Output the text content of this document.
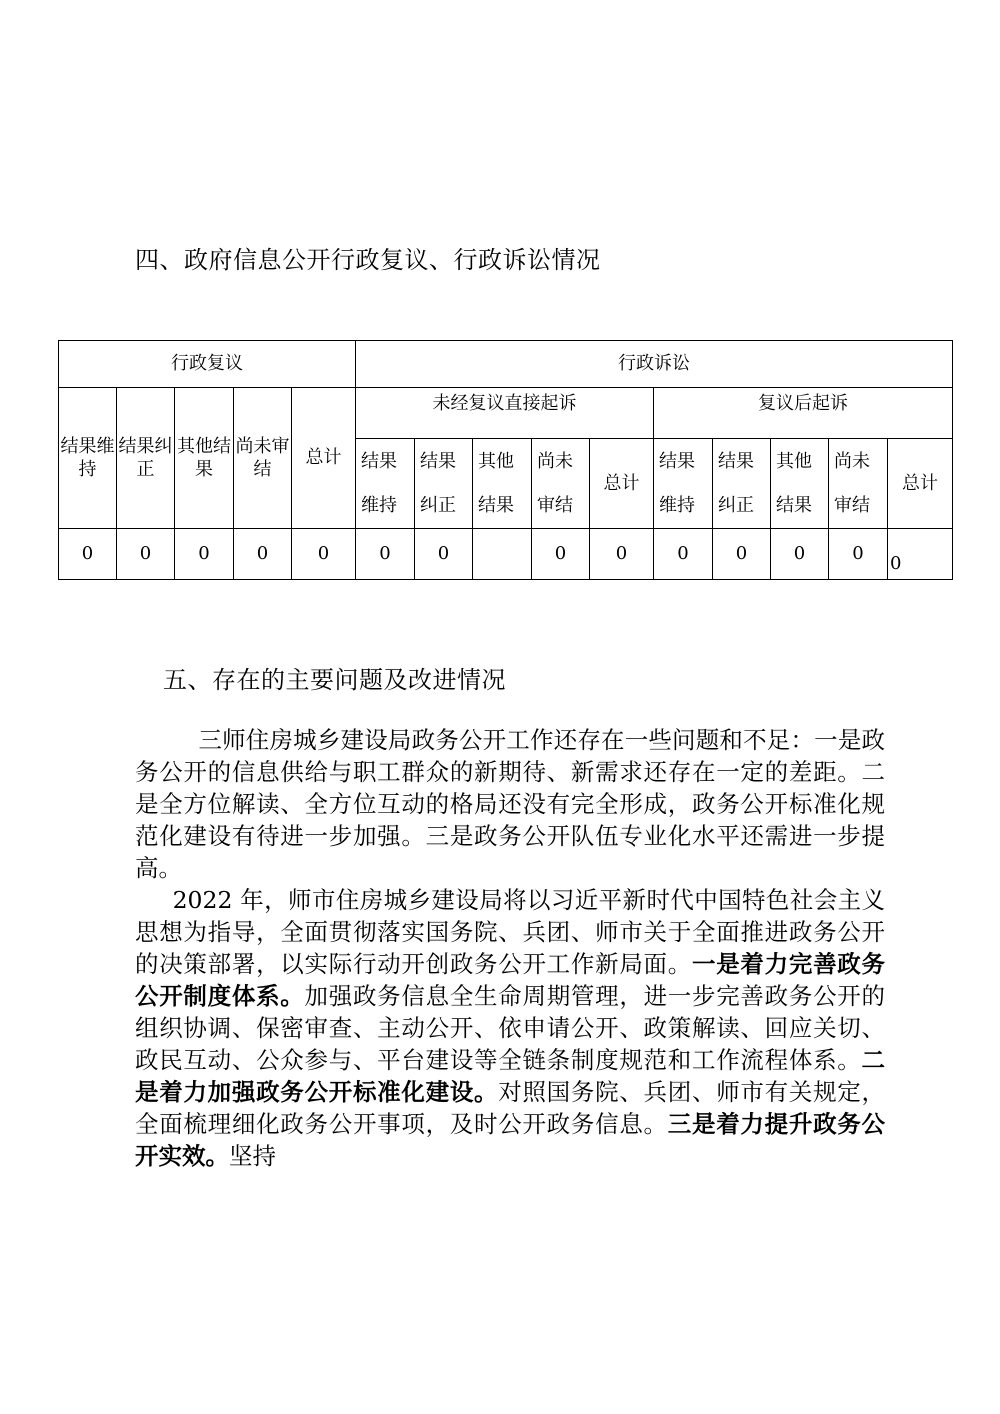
四、政府信息公开行政复议、行政诉讼情况
行政复议					行政诉讼									
结果维持	结果纠正	其他结果	尚未审结	总计	未经复议直接起诉					复议后起诉				
					结果维持	结果纠正	其他结果	尚未审结	总计	结果维持	结果纠正	其他结果	尚未审结	总计
0	0	0	0	0	0	0		0	0	0	0	0	0	0
五、存在的主要问题及改进情况

三师住房城乡建设局政务公开工作还存在一些问题和不足：一是政务公开的信息供给与职工群众的新期待、新需求还存在一定的差距。二是全方位解读、全方位互动的格局还没有完全形成，政务公开标准化规范化建设有待进一步加强。三是政务公开队伍专业化水平还需进一步提高。

2022 年，师市住房城乡建设局将以习近平新时代中国特色社会主义思想为指导，全面贯彻落实国务院、兵团、师市关于全面推进政务公开的决策部署，以实际行动开创政务公开工作新局面。一是着力完善政务公开制度体系。加强政务信息全生命周期管理，进一步完善政务公开的组织协调、保密审查、主动公开、依申请公开、政策解读、回应关切、政民互动、公众参与、平台建设等全链条制度规范和工作流程体系。二是着力加强政务公开标准化建设。对照国务院、兵团、师市有关规定，全面梳理细化政务公开事项，及时公开政务信息。三是着力提升政务公开实效。坚持
